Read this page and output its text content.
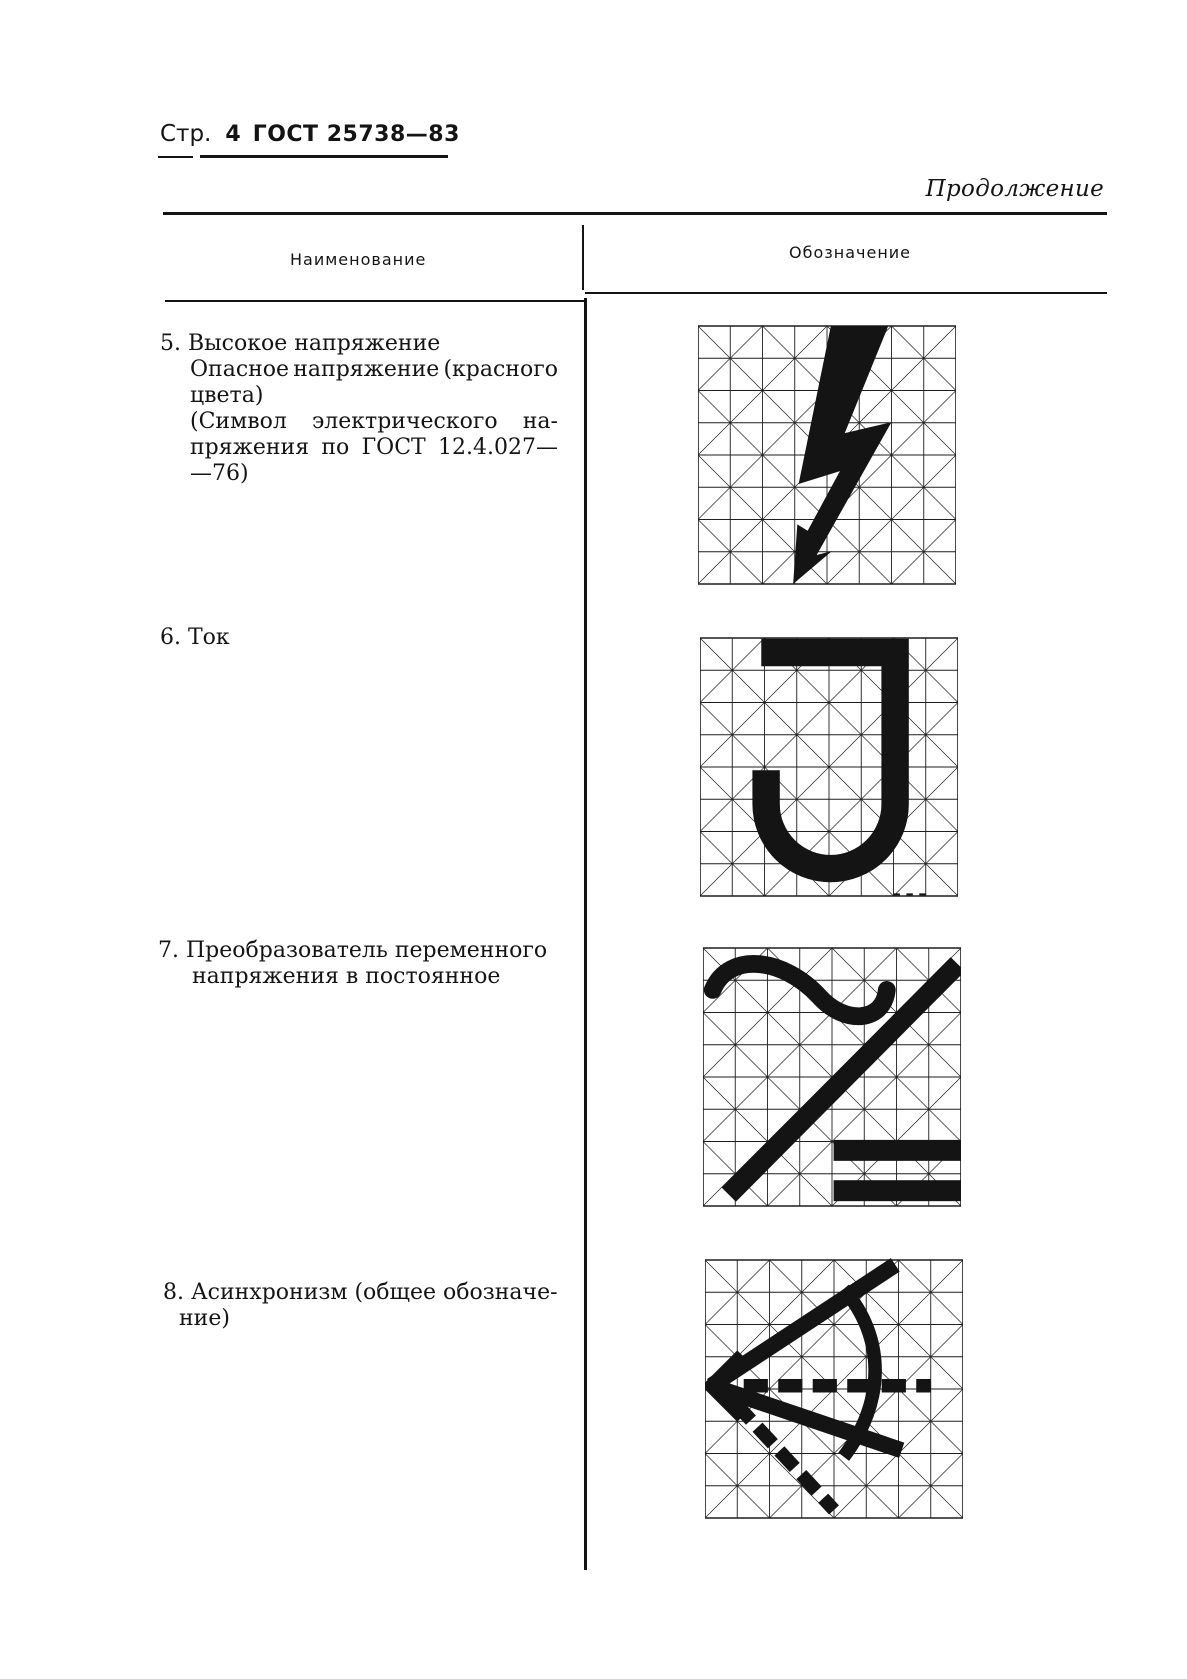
Стр. 4 ГОСТ 25738—83
Продолжение
Наименование	Обозначение
5. Высокое напряжение
Опасное напряжение (красного
цвета)
(Символ электрического на-
пряжения по ГОСТ 12.4.027—
—76)
6. Ток
7. Преобразователь переменного
напряжения в постоянное
8. Асинхронизм (общее обозначе-
ние)
